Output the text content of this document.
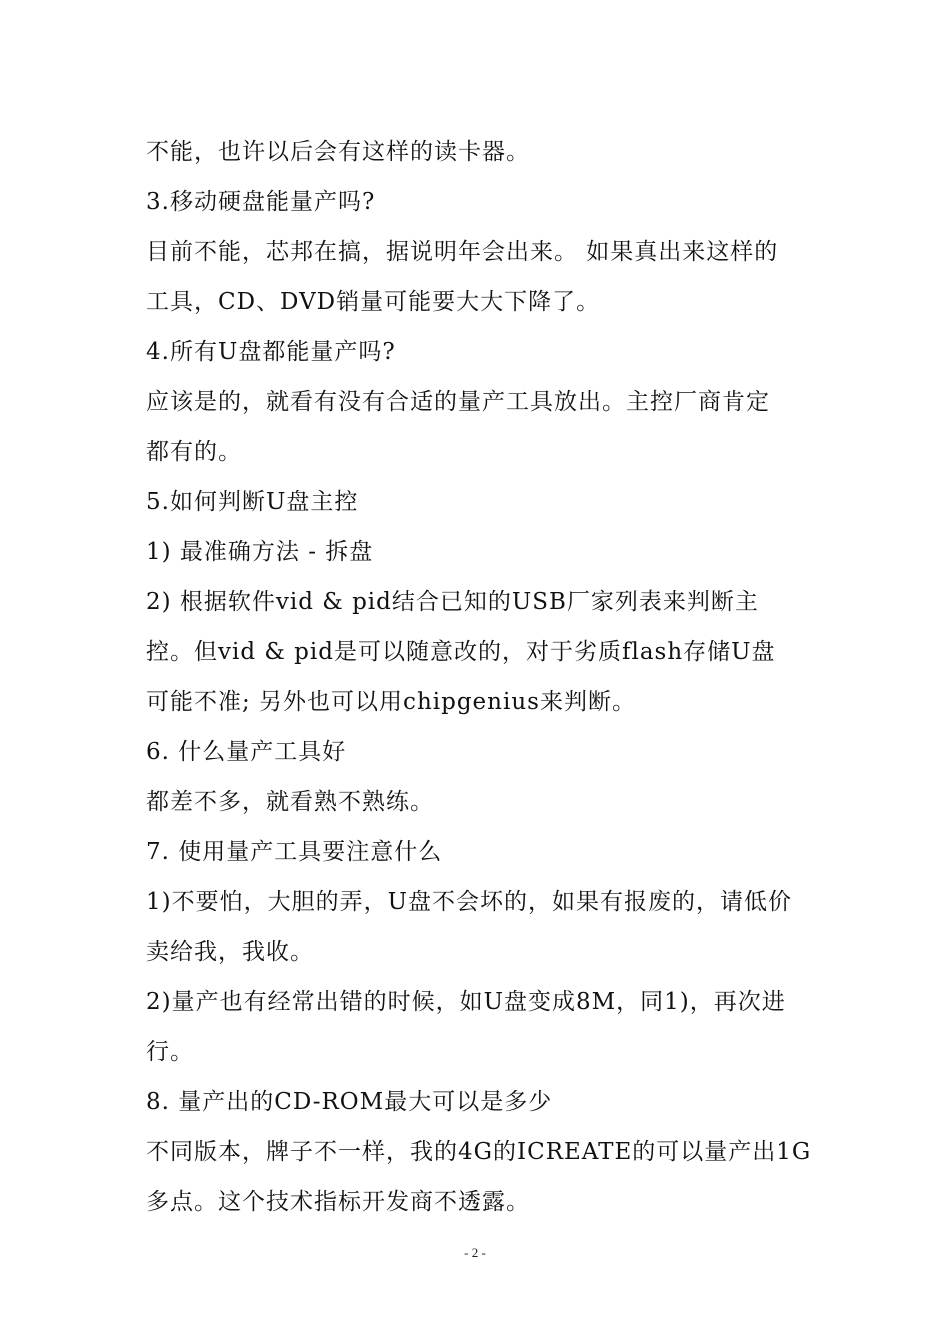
不能，也许以后会有这样的读卡器。
3.移动硬盘能量产吗?
目前不能，芯邦在搞，据说明年会出来。 如果真出来这样的
工具，CD、DVD销量可能要大大下降了。
4.所有U盘都能量产吗?
应该是的，就看有没有合适的量产工具放出。主控厂商肯定
都有的。
5.如何判断U盘主控
1) 最准确方法 - 拆盘
2) 根据软件vid & pid结合已知的USB厂家列表来判断主
控。但vid & pid是可以随意改的，对于劣质flash存储U盘
可能不准; 另外也可以用chipgenius来判断。
6. 什么量产工具好
都差不多，就看熟不熟练。
7. 使用量产工具要注意什么
1)不要怕，大胆的弄，U盘不会坏的，如果有报废的，请低价
卖给我，我收。
2)量产也有经常出错的时候，如U盘变成8M，同1)，再次进
行。
8. 量产出的CD-ROM最大可以是多少
不同版本，牌子不一样，我的4G的ICREATE的可以量产出1G
多点。这个技术指标开发商不透露。
- 2 -
